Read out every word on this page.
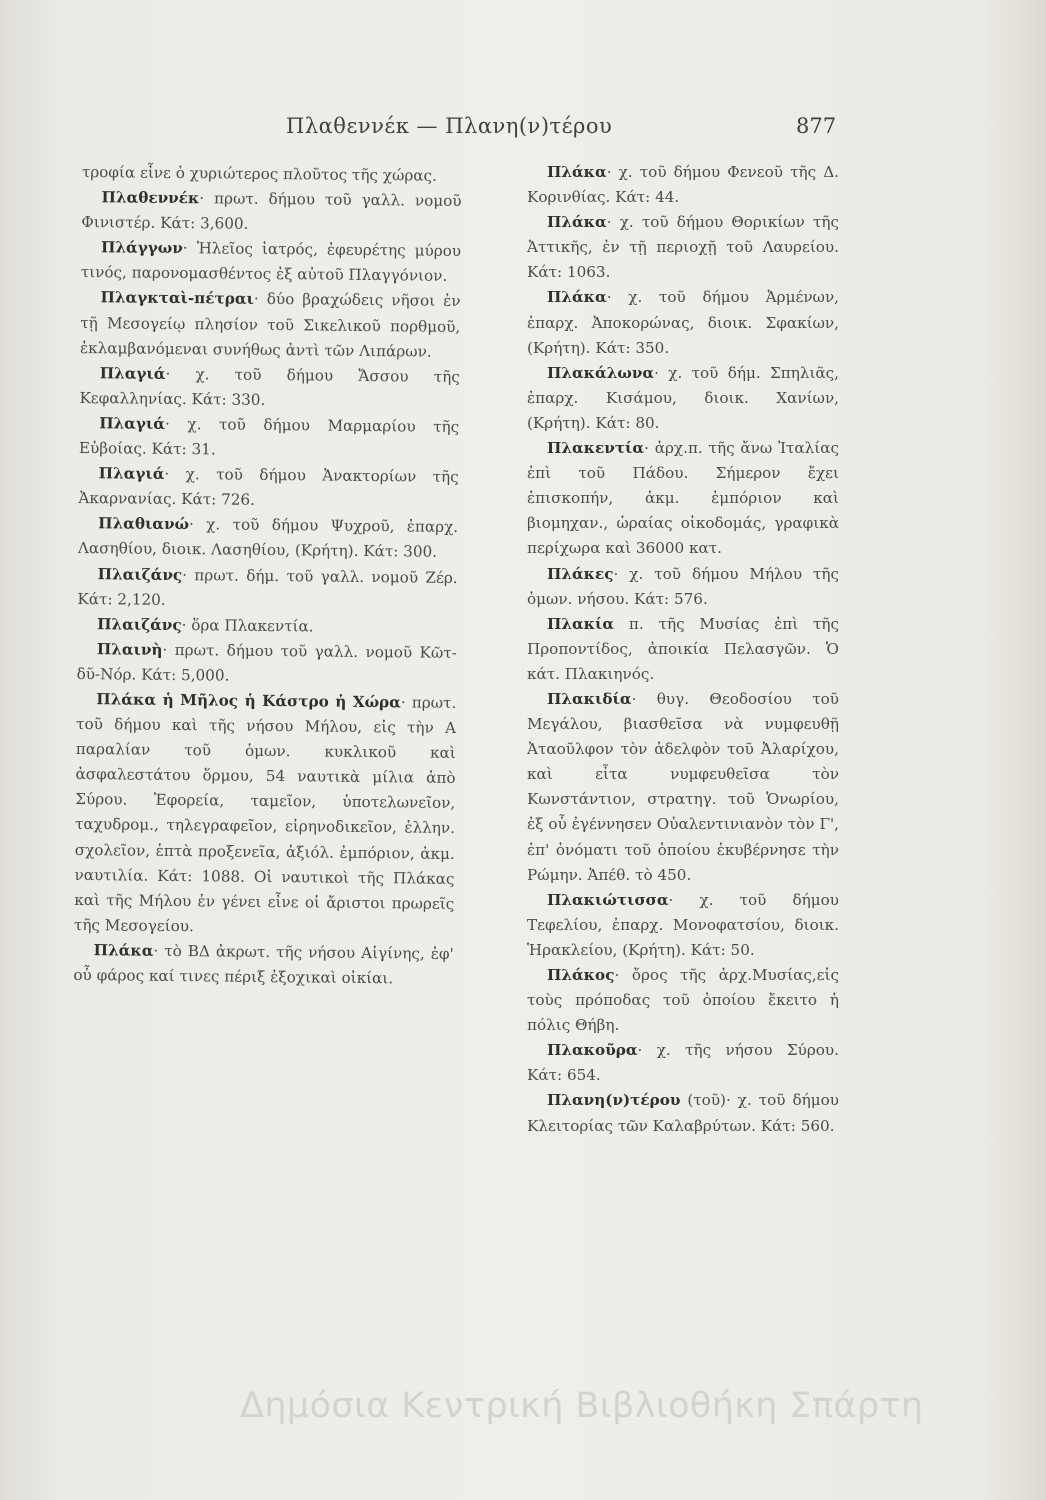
Πλαθεννέκ — Πλανη(ν)τέρου	877

τροφία εἶνε ὁ χυριώτερος πλοῦτος τῆς χώρας.

Πλαθεννέκ· πρωτ. δήμου τοῦ γαλλ. νομοῦ Φινιστέρ. Κάτ: 3,600.

Πλάγγων· Ἠλεῖος ἰατρός, ἐφευρέτης μύρου τινός, παρονομασθέντος ἐξ αὐτοῦ Πλαγγόνιον.

Πλαγκταὶ-πέτραι· δύο βραχώδεις νῆσοι ἐν τῇ Μεσογείῳ πλησίον τοῦ Σικελικοῦ πορθμοῦ, ἐκλαμβανόμεναι συνήθως ἀντὶ τῶν Λιπάρων.

Πλαγιά· χ. τοῦ δήμου Ἄσσου τῆς Κεφαλληνίας. Κάτ: 330.

Πλαγιά· χ. τοῦ δήμου Μαρμαρίου τῆς Εὐβοίας. Κάτ: 31.

Πλαγιά· χ. τοῦ δήμου Ἀνακτορίων τῆς Ἀκαρνανίας. Κάτ: 726.

Πλαθιανώ· χ. τοῦ δήμου Ψυχροῦ, ἐπαρχ. Λασηθίου, διοικ. Λασηθίου, (Κρήτη). Κάτ: 300.

Πλαιζάνς· πρωτ. δήμ. τοῦ γαλλ. νομοῦ Ζέρ. Κάτ: 2,120.

Πλαιζάνς· ὅρα Πλακεντία.

Πλαινὴ· πρωτ. δήμου τοῦ γαλλ. νομοῦ Κῶτ-δῦ-Νόρ. Κάτ: 5,000.

Πλάκα ἡ Μῆλος ἡ Κάστρο ἡ Χώρα· πρωτ. τοῦ δήμου καὶ τῆς νήσου Μήλου, εἰς τὴν Α παραλίαν τοῦ ὁμων. κυκλικοῦ καὶ ἀσφαλεστάτου ὅρμου, 54 ναυτικὰ μίλια ἀπὸ Σύρου. Ἐφορεία, ταμεῖον, ὑποτελωνεῖον, ταχυδρομ., τηλεγραφεῖον, εἰρηνοδικεῖον, ἑλλην. σχολεῖον, ἑπτὰ προξενεῖα, ἀξιόλ. ἐμπόριον, ἀκμ. ναυτιλία. Κάτ: 1088. Οἱ ναυτικοὶ τῆς Πλάκας καὶ τῆς Μήλου ἐν γένει εἶνε οἱ ἄριστοι πρωρεῖς τῆς Μεσογείου.

Πλάκα· τὸ ΒΔ ἀκρωτ. τῆς νήσου Αἰγίνης, ἐφ' οὗ φάρος καί τινες πέριξ ἐξοχικαὶ οἰκίαι.

Πλάκα· χ. τοῦ δήμου Φενεοῦ τῆς Δ. Κορινθίας. Κάτ: 44.

Πλάκα· χ. τοῦ δήμου Θορικίων τῆς Ἀττικῆς, ἐν τῇ περιοχῇ τοῦ Λαυρείου. Κάτ: 1063.

Πλάκα· χ. τοῦ δήμου Ἀρμένων, ἐπαρχ. Ἀποκορώνας, διοικ. Σφακίων, (Κρήτη). Κάτ: 350.

Πλακάλωνα· χ. τοῦ δήμ. Σπηλιᾶς, ἐπαρχ. Κισάμου, διοικ. Χανίων, (Κρήτη). Κάτ: 80.

Πλακεντία· ἀρχ.π. τῆς ἄνω Ἰταλίας ἐπὶ τοῦ Πάδου. Σήμερον ἔχει ἐπισκοπήν, ἀκμ. ἐμπόριον καὶ βιομηχαν., ὡραίας οἰκοδομάς, γραφικὰ περίχωρα καὶ 36000 κατ.

Πλάκες· χ. τοῦ δήμου Μήλου τῆς ὁμων. νήσου. Κάτ: 576.

Πλακία π. τῆς Μυσίας ἐπὶ τῆς Προποντίδος, ἀποικία Πελασγῶν. Ὁ κάτ. Πλακιηνός.

Πλακιδία· θυγ. Θεοδοσίου τοῦ Μεγάλου, βιασθεῖσα νὰ νυμφευθῇ Ἀταοῦλφον τὸν ἀδελφὸν τοῦ Ἀλαρίχου, καὶ εἶτα νυμφευθεῖσα τὸν Κωνστάντιον, στρατηγ. τοῦ Ὁνωρίου, ἐξ οὗ ἐγέννησεν Οὐαλεντινιανὸν τὸν Γ', ἐπ' ὀνόματι τοῦ ὁποίου ἐκυβέρνησε τὴν Ρώμην. Ἀπέθ. τὸ 450.

Πλακιώτισσα· χ. τοῦ δήμου Τεφελίου, ἐπαρχ. Μονοφατσίου, διοικ. Ἡρακλείου, (Κρήτη). Κάτ: 50.

Πλάκος· ὄρος τῆς ἀρχ.Μυσίας,εἰς τοὺς πρόποδας τοῦ ὁποίου ἔκειτο ἡ πόλις Θήβη.

Πλακοῦρα· χ. τῆς νήσου Σύρου. Κάτ: 654.

Πλανη(ν)τέρου (τοῦ)· χ. τοῦ δήμου Κλειτορίας τῶν Καλαβρύτων. Κάτ: 560.

Δημόσια Κεντρική Βιβλιοθήκη Σπάρτη
